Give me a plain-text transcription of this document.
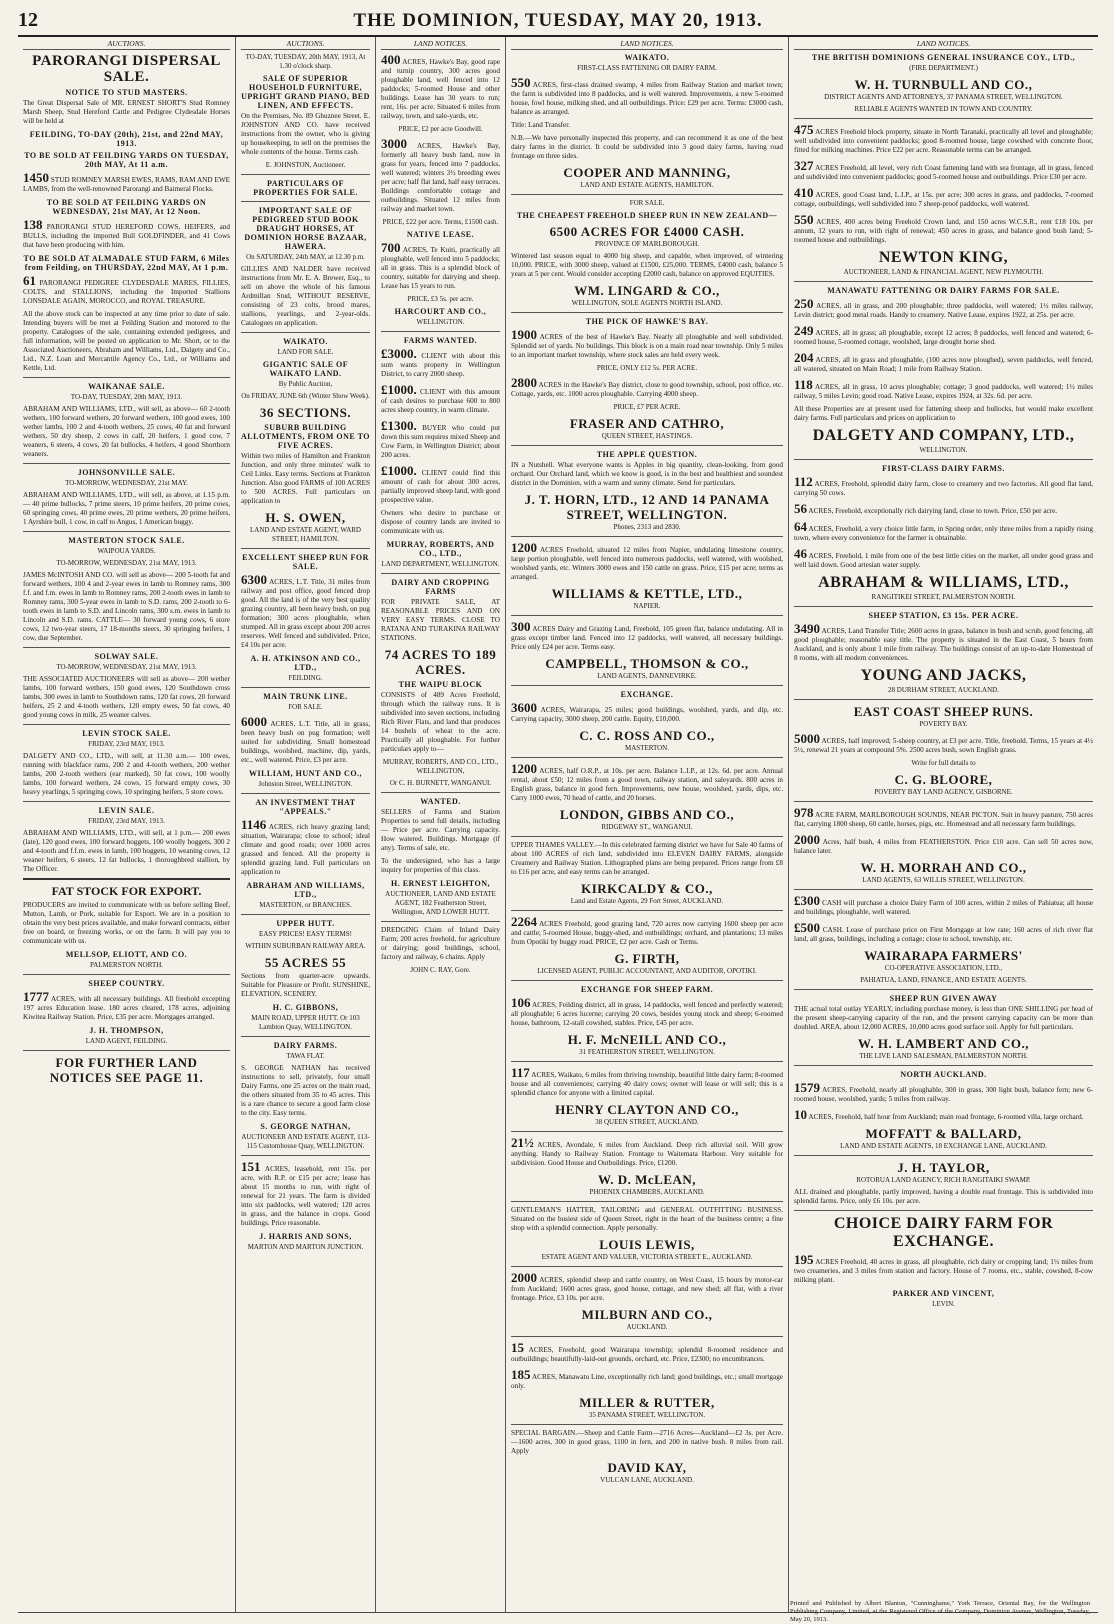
12	THE DOMINION, TUESDAY, MAY 20, 1913.
AUCTIONS.
PARORANGI DISPERSAL SALE.
NOTICE TO STUD MASTERS.
The Great Dispersal Sale of MR. ERNEST SHORT'S Stud Romney Marsh Sheep, Stud Hereford Cattle and Pedigree Clydesdale Horses will be held at
FEILDING, TO-DAY (20th), 21st, and 22nd MAY, 1913.
TO BE SOLD AT FEILDING YARDS ON TUESDAY, 20th MAY, At 11 a.m.
1450 STUD ROMNEY MARSH EWES, RAMS, RAM AND EWE LAMBS, from the well-renowned Parorangi and Baimeral Flocks.
TO BE SOLD AT FEILDING YARDS ON WEDNESDAY, 21st MAY, At 12 Noon.
138 PARORANGI STUD HEREFORD COWS, HEIFERS, and BULLS, including the imported Bull GOLDFINDER, and 41 Cows that have been producing with him.
TO BE SOLD AT ALMADALE STUD FARM, 6 Miles from Feilding, on THURSDAY, 22nd MAY, At 1 p.m.
61 PARORANGI PEDIGREE CLYDESDALE MARES, FILLIES, COLTS, and STALLIONS, including the Imported Stallions LONSDALE AGAIN, MOROCCO, and ROYAL TREASURE.
All the above stock can be inspected at any time prior to date of sale. Intending buyers will be met at Feilding Station and motored to the property. Catalogues of the sale, containing extended pedigrees, and full information, will be posted on application to Mr. Short, or to the Associated Auctioneers, Abraham and Williams, Ltd., Dalgety and Co., Ltd., N.Z. Loan and Mercantile Agency Co., Ltd., or Williams and Kettle, Ltd.
WAIKANAE SALE.
TO-DAY, TUESDAY, 20th MAY, 1913.
ABRAHAM AND WILLIAMS, LTD., will sell, as above— 60 2-tooth wethers, 100 forward wethers, 20 forward wethers, 100 good ewes, 100 wether lambs, 100 2 and 4-tooth wethers, 25 cows, 40 fat and forward wethers, 50 dry sheep, 2 cows in calf, 20 heifers, 1 good cow, 7 weaners, 6 steers, 4 cows, 20 fat bullocks, 4 heifers, 4 good Shorthorn weaners.
JOHNSONVILLE SALE.
TO-MORROW, WEDNESDAY, 21st MAY.
ABRAHAM AND WILLIAMS, LTD., will sell, as above, at 1.15 p.m.— 40 prime bullocks, 7 prime steers, 10 prime heifers, 20 prime cows, 60 springing cows, 40 prime ewes, 20 prime wethers, 20 prime heifers, 1 Ayrshire bull, 1 cow, in calf to Angus, 1 American buggy.
MASTERTON STOCK SALE.
WAIPOUA YARDS.
TO-MORROW, WEDNESDAY, 21st MAY, 1913.
JAMES McINTOSH AND CO. will sell as above— 200 5-tooth fat and forward wethers, 100 4 and 2-year ewes in lamb to Romney rams, 300 f.f. and f.m. ewes in lamb to Romney rams, 200 2-tooth ewes in lamb to Romney rams, 300 5-year ewes in lamb to S.D. rams, 200 2-tooth to 6-tooth ewes in lamb to S.D. and Lincoln rams, 300 s.m. ewes in lamb to Lincoln and S.D. rams. CATTLE— 30 forward young cows, 6 store cows, 12 two-year steers, 17 18-months steers, 30 springing heifers, 1 cow, due September.
SOLWAY SALE.
TO-MORROW, WEDNESDAY, 21st MAY, 1913.
THE ASSOCIATED AUCTIONEERS will sell as above— 200 wether lambs, 100 forward wethers, 150 good ewes, 120 Southdown cross lambs, 300 ewes in lamb to Southdown rams, 120 fat cows, 20 forward heifers, 25 2 and 4-tooth wethers, 120 empty ewes, 50 fat cows, 40 good young cows in milk, 25 weaner calves.
LEVIN STOCK SALE.
FRIDAY, 23rd MAY, 1913.
DALGETY AND CO., LTD., will sell, at 11.30 a.m.— 100 ewes, running with blackface rams, 200 2 and 4-tooth wethers, 200 wether lambs, 200 2-tooth wethers (ear marked), 50 fat cows, 100 woolly lambs, 100 forward wethers, 24 cows, 15 forward empty cows, 30 heavy yearlings, 5 springing cows, 10 springing heifers, 5 store cows.
LEVIN SALE.
FRIDAY, 23rd MAY, 1913.
ABRAHAM AND WILLIAMS, LTD., will sell, at 1 p.m.— 200 ewes (late), 120 good ewes, 100 forward hoggets, 100 woolly hoggets, 300 2 and 4-tooth and f.f.m. ewes in lamb, 100 hoggets, 10 weaning cows, 12 weaner heifers, 6 steers, 12 fat bullocks, 1 thoroughbred stallion, by The Officer.
FAT STOCK FOR EXPORT.
PRODUCERS are invited to communicate with us before selling Beef, Mutton, Lamb, or Pork, suitable for Export. We are in a position to obtain the very best prices available, and make forward contracts, either free on board, or freezing works, or on the farm. It will pay you to communicate with us.
MELLSOP, ELIOTT, AND CO.
PALMERSTON NORTH.
SHEEP COUNTRY.
1777 ACRES, with all necessary buildings. All freehold excepting 197 acres Education lease. 180 acres cleared, 178 acres, adjoining Kiwitea Railway Station. Price, £35 per acre. Mortgages arranged.
J. H. THOMPSON,
LAND AGENT, FEILDING.
FOR FURTHER LAND NOTICES SEE PAGE 11.
AUCTIONS.
TO-DAY, TUESDAY, 20th MAY, 1913, At 1.30 o'clock sharp.
SALE OF SUPERIOR HOUSEHOLD FURNITURE, UPRIGHT GRAND PIANO, BED LINEN, AND EFFECTS.
On the Premises, No. 89 Ghuznee Street. E. JOHNSTON AND CO. have received instructions from the owner, who is giving up housekeeping, to sell on the premises the whole contents of the house. Terms cash.
E. JOHNSTON, Auctioneer.
PARTICULARS OF PROPERTIES FOR SALE.
IMPORTANT SALE OF PEDIGREED STUD BOOK DRAUGHT HORSES, AT DOMINION HORSE BAZAAR, HAWERA.
On SATURDAY, 24th MAY, at 12.30 p.m.
GILLIES AND NALDER have received instructions from Mr. E. A. Brewer, Esq., to sell on above the whole of his famous Ardmillan Stud, WITHOUT RESERVE, consisting of 23 colts, brood mares, stallions, yearlings, and 2-year-olds. Catalogues on application.
WAIKATO.
LAND FOR SALE.
GIGANTIC SALE OF WAIKATO LAND.
By Public Auction,
On FRIDAY, JUNE 6th (Winter Show Week).
36 SECTIONS.
SUBURB BUILDING ALLOTMENTS, FROM ONE TO FIVE ACRES.
Within two miles of Hamilton and Frankton Junction, and only three minutes' walk to Ceil Links. Easy terms. Sections at Frankton Junction. Also good FARMS of 100 ACRES to 500 ACRES. Full particulars on application to
H. S. OWEN,
LAND AND ESTATE AGENT, WARD STREET, HAMILTON.
EXCELLENT SHEEP RUN FOR SALE.
6300 ACRES, L.T. Title, 31 miles from railway and post office, good fenced drop good. All the land is of the very best quality grazing country, all been heavy bush, on pug formation; 300 acres ploughable, when stumped. All in grass except about 200 acres reserves. Well fenced and subdivided. Price, £4 10s per acre.
A. H. ATKINSON AND CO., LTD.,
FEILDING.
MAIN TRUNK LINE.
FOR SALE.
6000 ACRES, L.T. Title, all in grass, been heavy bush on pug formation; well suited for subdividing. Small homestead buildings, woolshed, machine, dip, yards, etc., well watered. Price, £3 per acre.
WILLIAM, HUNT AND CO.,
Johnston Street, WELLINGTON.
AN INVESTMENT THAT "APPEALS."
1146 ACRES, rich heavy grazing land; situation, Wairarapa; close to school; ideal climate and good roads; over 1000 acres grassed and fenced. All the property is splendid grazing land. Full particulars on application to
ABRAHAM AND WILLIAMS, LTD.,
MASTERTON, or BRANCHES.
UPPER HUTT.
EASY PRICES! EASY TERMS!
WITHIN SUBURBAN RAILWAY AREA.
55 ACRES 55
Sections from quarter-acre upwards. Suitable for Pleasure or Profit. SUNSHINE, ELEVATION, SCENERY.
H. C. GIBBONS,
MAIN ROAD, UPPER HUTT. Or 103 Lambton Quay, WELLINGTON.
DAIRY FARMS.
TAWA FLAT.
S. GEORGE NATHAN has received instructions to sell, privately, four small Dairy Farms, one 25 acres on the main road, the others situated from 35 to 45 acres. This is a rare chance to secure a good farm close to the city. Easy terms.
S. GEORGE NATHAN,
AUCTIONEER AND ESTATE AGENT, 113-115 Customhouse Quay, WELLINGTON.
151 ACRES, leasehold, rent 15s. per acre, with R.P. or £15 per acre; lease has about 15 months to run, with right of renewal for 21 years. The farm is divided into six paddocks, well watered; 120 acres in grass, and the balance in crops. Good buildings. Price reasonable.
J. HARRIS AND SONS,
MARTON AND MARTON JUNCTION.
LAND NOTICES.
400 ACRES, Hawke's Bay, good rape and turnip country, 300 acres good ploughable land, well fenced into 12 paddocks; 5-roomed House and other buildings. Lease has 30 years to run; rent, 16s. per acre. Situated 6 miles from railway, town, and sale-yards, etc.
PRICE, £2 per acre Goodwill.
3000 ACRES, Hawke's Bay, formerly all heavy bush land, now in grass for years, fenced into 7 paddocks, well watered; winters 3½ breeding ewes per acre; half flat land, half easy terraces. Buildings comfortable cottage and outbuildings. Situated 12 miles from railway and market town.
PRICE, £22 per acre. Terms, £1500 cash.
NATIVE LEASE.
700 ACRES, Te Kuiti, practically all ploughable, well fenced into 5 paddocks; all in grass. This is a splendid block of country, suitable for dairying and sheep. Lease has 15 years to run.
PRICE, £3 5s. per acre.
HARCOURT AND CO.,
WELLINGTON.
FARMS WANTED.
£3000. CLIENT with about this sum wants property in Wellington District, to carry 2000 sheep.
£1000. CLIENT with this amount of cash desires to purchase 600 to 800 acres sheep country, in warm climate.
£1300. BUYER who could put down this sum requires mixed Sheep and Cow Farm, in Wellington District; about 200 acres.
£1000. CLIENT could find this amount of cash for about 300 acres, partially improved sheep land, with good prospective value.
Owners who desire to purchase or dispose of country lands are invited to communicate with us.
MURRAY, ROBERTS, AND CO., LTD.,
LAND DEPARTMENT, WELLINGTON.
DAIRY AND CROPPING FARMS
FOR PRIVATE SALE, AT REASONABLE PRICES AND ON VERY EASY TERMS. CLOSE TO RATANA AND TURAKINA RAILWAY STATIONS.
74 ACRES TO 189 ACRES.
THE WAIPU BLOCK
CONSISTS of 489 Acres Freehold, through which the railway runs. It is subdivided into seven sections, including Rich River Flats, and land that produces 14 bushels of wheat to the acre. Practically all ploughable. For further particulars apply to—
MURRAY, ROBERTS, AND CO., LTD., WELLINGTON,
Or C. H. BURNETT, WANGANUI.
WANTED.
SELLERS of Farms and Station Properties to send full details, including— Price per acre. Carrying capacity. How watered. Buildings. Mortgage (if any). Terms of sale, etc.
To the undersigned, who has a large inquiry for properties of this class.
H. ERNEST LEIGHTON,
AUCTIONEER, LAND AND ESTATE AGENT, 182 Featherston Street, Wellington, AND LOWER HUTT.
DREDGING Claim of Inland Dairy Farm; 200 acres freehold, for agriculture or dairying; good buildings, school, factory and railway, 6 chains. Apply
JOHN C. RAY, Gore.
LAND NOTICES.
WAIKATO.
FIRST-CLASS FATTENING OR DAIRY FARM.
550 ACRES, first-class drained swamp, 4 miles from Railway Station and market town; the farm is subdivided into 8 paddocks, and is well watered. Improvements, a new 5-roomed house, fowl house, milking shed, and all outbuildings. Price: £29 per acre. Terms: £3000 cash, balance as arranged.
Title: Land Transfer.
N.B.—We have personally inspected this property, and can recommend it as one of the best dairy farms in the district. It could be subdivided into 3 good dairy farms, having road frontage on three sides.
COOPER AND MANNING,
LAND AND ESTATE AGENTS, HAMILTON.
FOR SALE.
THE CHEAPEST FREEHOLD SHEEP RUN IN NEW ZEALAND—
6500 ACRES FOR £4000 CASH.
PROVINCE OF MARLBOROUGH.
Wintered last season equal to 4000 big sheep, and capable, when improved, of wintering 10,000. PRICE, with 3000 sheep, valued at £1500, £25,000. TERMS, £4000 cash, balance 5 years at 5 per cent. Would consider accepting £2000 cash, balance on approved EQUITIES.
WM. LINGARD & CO.,
WELLINGTON, SOLE AGENTS NORTH ISLAND.
THE PICK OF HAWKE'S BAY.
1900 ACRES of the best of Hawke's Bay. Nearly all ploughable and well subdivided. Splendid set of yards. No buildings. This block is on a main road near township. Only 5 miles to an important market township, where stock sales are held every week.
PRICE, ONLY £12 5s. PER ACRE.
2800 ACRES in the Hawke's Bay district, close to good township, school, post office, etc. Cottage, yards, etc. 1000 acres ploughable. Carrying 4000 sheep.
PRICE, £7 PER ACRE.
FRASER AND CATHRO,
QUEEN STREET, HASTINGS.
THE APPLE QUESTION.
IN a Nutshell. What everyone wants is Apples in big quantity, clean-looking, from good orchard. Our Orchard land, which we know is good, is in the best and healthiest and soundest district in the Dominion, with a warm and sunny climate. Send for particulars.
J. T. HORN, LTD., 12 AND 14 PANAMA STREET, WELLINGTON.
Phones, 2313 and 2830.
1200 ACRES Freehold, situated 12 miles from Napier, undulating limestone country, large portion ploughable, well fenced into numerous paddocks, well watered, with woolshed, woolshed yards, etc. Winters 3000 ewes and 150 cattle on grass. Price, £15 per acre; terms as arranged.
WILLIAMS & KETTLE, LTD.,
NAPIER.
300 ACRES Dairy and Grazing Land, Freehold, 105 green flat, balance undulating. All in grass except timber land. Fenced into 12 paddocks, well watered, all necessary buildings. Price only £24 per acre. Terms easy.
CAMPBELL, THOMSON & CO.,
LAND AGENTS, DANNEVIRKE.
EXCHANGE.
3600 ACRES, Wairarapa, 25 miles; good buildings, woolshed, yards, and dip, etc. Carrying capacity, 3000 sheep, 200 cattle. Equity, £10,000.
C. C. ROSS AND CO.,
MASTERTON.
1200 ACRES, half O.R.P., at 10s. per acre. Balance L.I.P., at 12s. 6d. per acre. Annual rental, about £50; 12 miles from a good town, railway station, and saleyards. 800 acres in English grass, balance in good fern. Improvements, new house, woolshed, yards, dips, etc. Carry 1000 ewes, 70 head of cattle, and 20 horses.
LONDON, GIBBS AND CO.,
RIDGEWAY ST., WANGANUI.
UPPER THAMES VALLEY.—In this celebrated farming district we have for Sale 40 farms of about 100 ACRES of rich land, subdivided into ELEVEN DAIRY FARMS, alongside Creamery and Railway Station. Lithographed plans are being prepared. Prices range from £8 to £16 per acre, and easy terms can be arranged.
KIRKCALDY & CO.,
Land and Estate Agents, 29 Fort Street, AUCKLAND.
2264 ACRES Freehold, good grazing land, 720 acres now carrying 1600 sheep per acre and cattle; 5-roomed House, buggy-shed, and outbuildings; orchard, and plantations; 13 miles from Opotiki by buggy road. PRICE, £2 per acre. Cash or Terms.
G. FIRTH,
LICENSED AGENT, PUBLIC ACCOUNTANT, AND AUDITOR, OPOTIKI.
EXCHANGE FOR SHEEP FARM.
106 ACRES, Feilding district, all in grass, 14 paddocks, well fenced and perfectly watered; all ploughable; 6 acres lucerne; carrying 20 cows, besides young stock and sheep; 6-roomed house, bathroom, 12-stall cowshed, stables. Price, £45 per acre.
H. F. McNEILL AND CO.,
31 FEATHERSTON STREET, WELLINGTON.
117 ACRES, Waikato, 6 miles from thriving township, beautiful little dairy farm; 8-roomed house and all conveniences; carrying 40 dairy cows; owner will lease or will sell; this is a splendid chance for anyone with a limited capital.
HENRY CLAYTON AND CO.,
38 QUEEN STREET, AUCKLAND.
21½ ACRES, Avondale, 6 miles from Auckland. Deep rich alluvial soil. Will grow anything. Handy to Railway Station. Frontage to Waitemata Harbour. Very suitable for subdivision. Good House and Outbuildings. Price, £1200.
W. D. McLEAN,
PHOENIX CHAMBERS, AUCKLAND.
GENTLEMAN'S HATTER, TAILORING and GENERAL OUTFITTING BUSINESS. Situated on the busiest side of Queen Street, right in the heart of the business centre; a fine shop with a splendid connection. Apply personally.
LOUIS LEWIS,
ESTATE AGENT AND VALUER, VICTORIA STREET E., AUCKLAND.
2000 ACRES, splendid sheep and cattle country, on West Coast, 15 hours by motor-car from Auckland; 1600 acres grass, good house, cottage, and new shed; all flat, with a river frontage. Price, £3 10s. per acre.
MILBURN AND CO.,
AUCKLAND.
15 ACRES, Freehold, good Wairarapa township; splendid 8-roomed residence and outbuildings; beautifully-laid-out grounds, orchard, etc. Price, £2300; no encumbrances.
185 ACRES, Manawatu Line, exceptionally rich land; good buildings, etc.; small mortgage only.
MILLER & RUTTER,
35 PANAMA STREET, WELLINGTON.
SPECIAL BARGAIN.—Sheep and Cattle Farm—2716 Acres—Auckland—£2 3s. per Acre.—1600 acres, 300 in good grass, 1100 in fern, and 200 in native bush. 8 miles from rail. Apply
DAVID KAY,
VULCAN LANE, AUCKLAND.
LAND NOTICES.
THE BRITISH DOMINIONS GENERAL INSURANCE COY., LTD.,
(FIRE DEPARTMENT.)
W. H. TURNBULL AND CO.,
DISTRICT AGENTS AND ATTORNEYS, 37 PANAMA STREET, WELLINGTON.
RELIABLE AGENTS WANTED IN TOWN AND COUNTRY.
475 ACRES Freehold block property, situate in North Taranaki, practically all level and ploughable; well subdivided into convenient paddocks; good 8-roomed house, large cowshed with concrete floor, fitted for milking machines. Price £22 per acre. Reasonable terms can be arranged.
327 ACRES Freehold, all level, very rich Coast fattening land with sea frontage, all in grass, fenced and subdivided into convenient paddocks; good 5-roomed house and outbuildings. Price £30 per acre.
410 ACRES, good Coast land, L.I.P., at 15s. per acre; 300 acres in grass, and paddocks, 7-roomed cottage, outbuildings, well subdivided into 7 sheep-proof paddocks, well watered.
550 ACRES, 400 acres being Freehold Crown land, and 150 acres W.C.S.R., rent £18 10s. per annum, 12 years to run, with right of renewal; 450 acres in grass, and balance good bush land; 5-roomed house and outbuildings.
NEWTON KING,
AUCTIONEER, LAND & FINANCIAL AGENT, NEW PLYMOUTH.
MANAWATU FATTENING OR DAIRY FARMS FOR SALE.
250 ACRES, all in grass, and 200 ploughable; three paddocks, well watered; 1½ miles railway, Levin district; good metal roads. Handy to creamery. Native Lease, expires 1922, at 25s. per acre.
249 ACRES, all in grass; all ploughable, except 12 acres; 8 paddocks, well fenced and watered; 6-roomed house, 5-roomed cottage, woolshed, large drought horse shed.
204 ACRES, all in grass and ploughable, (100 acres now ploughed), seven paddocks, well fenced, all watered, situated on Main Road; 1 mile from Railway Station.
118 ACRES, all in grass, 10 acres ploughable; cottage; 3 good paddocks, well watered; 1½ miles railway, 5 miles Levin; good road. Native Lease, expires 1924, at 32s. 6d. per acre.
All these Properties are at present used for fattening sheep and bullocks, but would make excellent dairy farms. Full particulars and prices on application to
DALGETY AND COMPANY, LTD.,
WELLINGTON.
FIRST-CLASS DAIRY FARMS.
112 ACRES, Freehold, splendid dairy farm, close to creamery and two factories. All good flat land, carrying 50 cows.
56 ACRES, Freehold, exceptionally rich dairying land, close to town. Price, £50 per acre.
64 ACRES, Freehold, a very choice little farm, in Spring order, only three miles from a rapidly rising town, where every convenience for the farmer is obtainable.
46 ACRES, Freehold, 1 mile from one of the best little cities on the market, all under good grass and well laid down. Good artesian water supply.
ABRAHAM & WILLIAMS, LTD.,
RANGITIKEI STREET, PALMERSTON NORTH.
SHEEP STATION, £3 15s. PER ACRE.
3490 ACRES, Land Transfer Title; 2600 acres in grass, balance in bush and scrub, good fencing, all good ploughable; reasonable easy title. The property is situated in the East Coast, 5 hours from Auckland, and is only about 1 mile from railway. The buildings consist of an up-to-date Homestead of 8 rooms, with all modern conveniences.
YOUNG AND JACKS,
28 DURHAM STREET, AUCKLAND.
EAST COAST SHEEP RUNS.
POVERTY BAY.
5000 ACRES, half improved; 5-sheep country, at £3 per acre. Title, freehold. Terms, 15 years at 4½ 5½, renewal 21 years at compound 5%. 2500 acres bush, sown English grass.
Write for full details to
C. G. BLOORE,
POVERTY BAY LAND AGENCY, GISBORNE.
978 ACRE FARM, MARLBOROUGH SOUNDS, NEAR PICTON. Suit in heavy pasture, 750 acres flat, carrying 1800 sheep, 60 cattle, horses, pigs, etc. Homestead and all necessary farm buildings.
2000 Acres, half bush, 4 miles from FEATHERSTON. Price £10 acre. Can sell 50 acres now, balance later.
W. H. MORRAH AND CO.,
LAND AGENTS, 63 WILLIS STREET, WELLINGTON.
£300 CASH will purchase a choice Dairy Farm of 100 acres, within 2 miles of Pahiatua; all house and buildings, ploughable, well watered.
£500 CASH. Lease of purchase price on First Mortgage at low rate; 160 acres of rich river flat land, all grass, buildings, including a cottage; close to school, township, etc.
WAIRARAPA FARMERS'
CO-OPERATIVE ASSOCIATION, LTD.,
PAHIATUA, LAND, FINANCE, AND ESTATE AGENTS.
SHEEP RUN GIVEN AWAY
THE actual total outlay YEARLY, including purchase money, is less than ONE SHILLING per head of the present sheep-carrying capacity of the run, and the present carrying capacity can be more than doubled. AREA, about 12,000 ACRES, 10,000 acres good surface soil. Apply for full particulars.
W. H. LAMBERT AND CO.,
THE LIVE LAND SALESMAN, PALMERSTON NORTH.
NORTH AUCKLAND.
1579 ACRES, Freehold, nearly all ploughable, 300 in grass, 300 light bush, balance fern; new 6-roomed house, woolshed, yards; 5 miles from railway.
10 ACRES, Freehold, half hour from Auckland; main road frontage, 6-roomed villa, large orchard.
MOFFATT & BALLARD,
LAND AND ESTATE AGENTS, 18 EXCHANGE LANE, AUCKLAND.
J. H. TAYLOR,
ROTORUA LAND AGENCY, RICH RANGITAIKI SWAMP.
ALL drained and ploughable, partly improved, having a double road frontage. This is subdivided into splendid farms. Price, only £6 10s. per acre.
CHOICE DAIRY FARM FOR EXCHANGE.
195 ACRES Freehold, 40 acres in grass, all ploughable, rich dairy or cropping land; 1½ miles from two creameries, and 3 miles from station and factory. House of 7 rooms, etc., stable, cowshed, 8-cow milking plant.
PARKER AND VINCENT,
LEVIN.
Printed and Published by Albert Blanton, "Cunninghame," York Terrace, Oriental Bay, for the Wellington Publishing Company, Limited, at the Registered Office of the Company, Dominion Avenue, Wellington, Tuesday, May 20, 1913.
